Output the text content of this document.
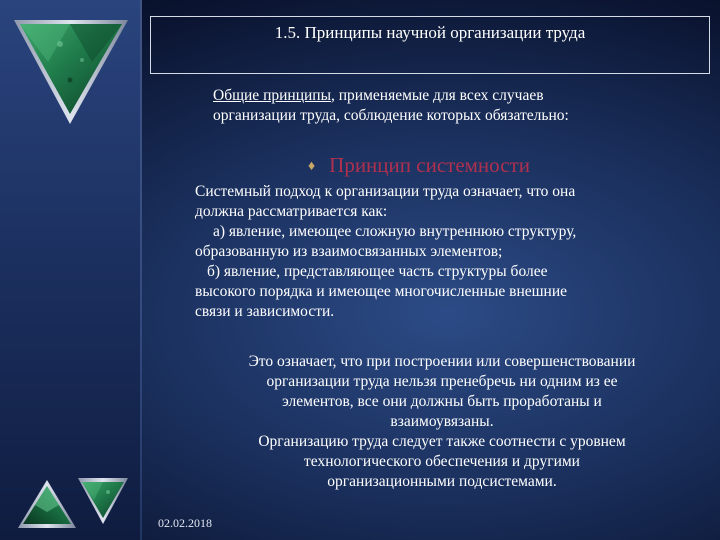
1.5. Принципы научной организации труда
Общие принципы, применяемые для всех случаев
организации труда, соблюдение которых обязательно:
♦ Принцип системности

Системный подход к организации труда означает, что она

должна рассматривается как:

а) явление, имеющее сложную внутреннюю структуру,

образованную из взаимосвязанных элементов;

б) явление, представляющее часть структуры более

высокого порядка и имеющее многочисленные внешние

связи и зависимости.

Это означает, что при построении или совершенствовании

организации труда нельзя пренебречь ни одним из ее

элементов, все они должны быть проработаны и

взаимоувязаны.

Организацию труда следует также соотнести с уровнем

технологического обеспечения и другими

организационными подсистемами.

02.02.2018
